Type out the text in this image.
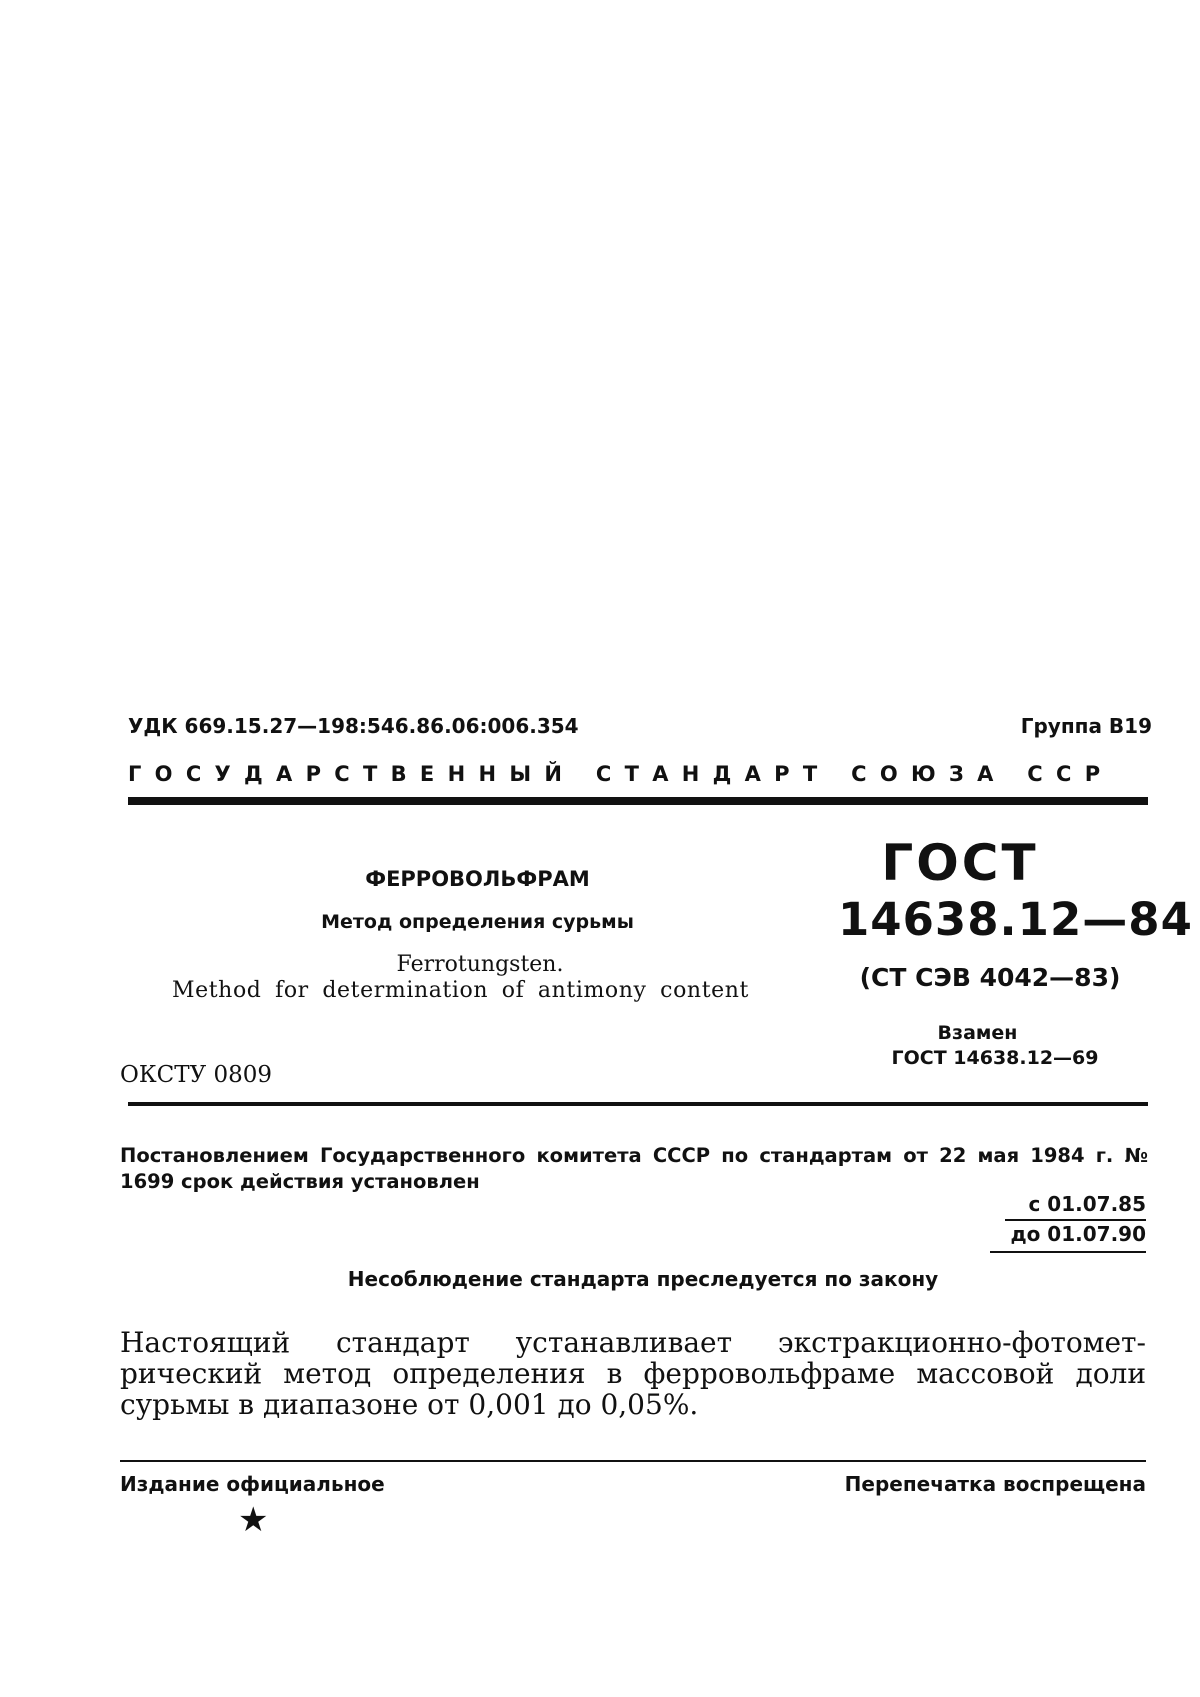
УДК 669.15.27—198:546.86.06:006.354	Группа В19
ГОСУДАРСТВЕННЫЙ СТАНДАРТ СОЮЗА ССР
ФЕРРОВОЛЬФРАМ
Метод определения сурьмы
Ferrotungsten.
Method for determination of antimony content
ГОСТ
14638.12—84
(СТ СЭВ 4042—83)
Взамен
ГОСТ 14638.12—69
ОКСТУ 0809
Постановлением Государственного комитета СССР по стандартам от 22 мая 1984 г. № 1699 срок действия установлен
с 01.07.85
до 01.07.90
Несоблюдение стандарта преследуется по закону
Настоящий стандарт устанавливает экстракционно-фотомет-
рический метод определения в ферровольфраме массовой доли
сурьмы в диапазоне от 0,001 до 0,05%.
Издание официальное	Перепечатка воспрещена
★
